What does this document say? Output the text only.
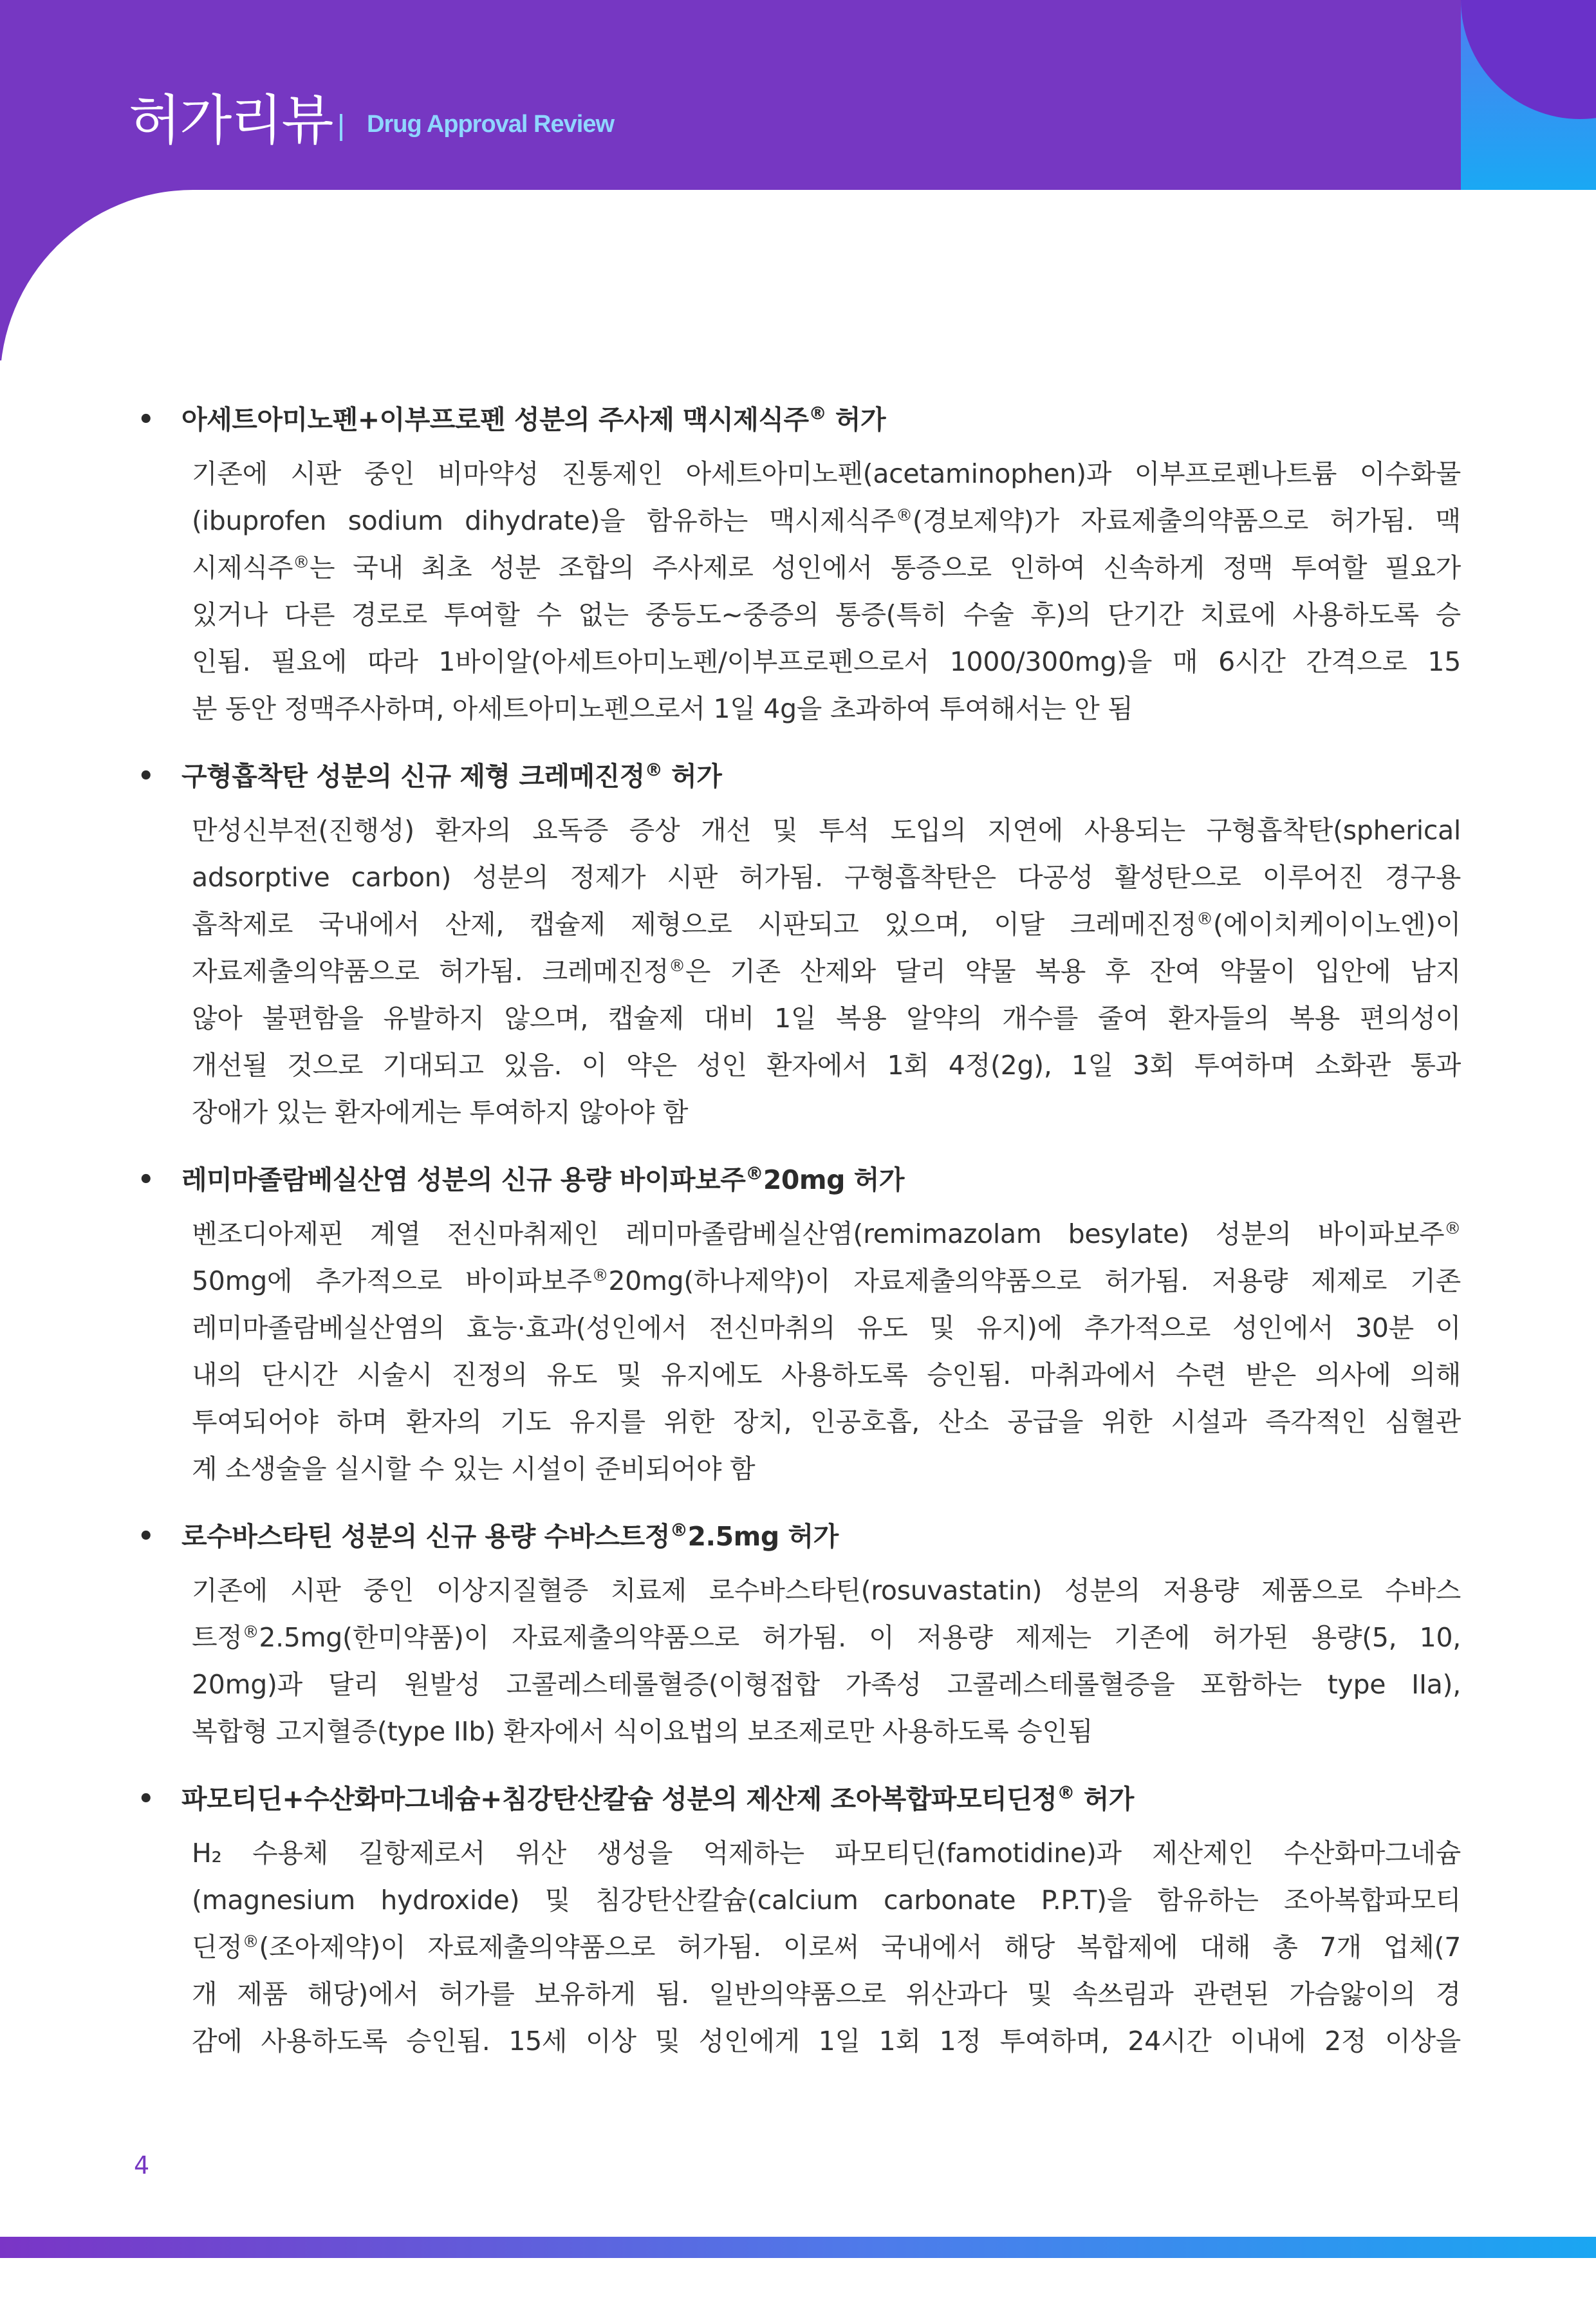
허가리뷰 Drug Approval Review
• 아세트아미노펜+이부프로펜 성분의 주사제 맥시제식주® 허가
기존에 시판 중인 비마약성 진통제인 아세트아미노펜(acetaminophen)과 이부프로펜나트륨 이수화물
(ibuprofen sodium dihydrate)을 함유하는 맥시제식주®(경보제약)가 자료제출의약품으로 허가됨. 맥
시제식주®는 국내 최초 성분 조합의 주사제로 성인에서 통증으로 인하여 신속하게 정맥 투여할 필요가
있거나 다른 경로로 투여할 수 없는 중등도~중증의 통증(특히 수술 후)의 단기간 치료에 사용하도록 승
인됨. 필요에 따라 1바이알(아세트아미노펜/이부프로펜으로서 1000/300mg)을 매 6시간 간격으로 15
분 동안 정맥주사하며, 아세트아미노펜으로서 1일 4g을 초과하여 투여해서는 안 됨
• 구형흡착탄 성분의 신규 제형 크레메진정® 허가
만성신부전(진행성) 환자의 요독증 증상 개선 및 투석 도입의 지연에 사용되는 구형흡착탄(spherical
adsorptive carbon) 성분의 정제가 시판 허가됨. 구형흡착탄은 다공성 활성탄으로 이루어진 경구용
흡착제로 국내에서 산제, 캡슐제 제형으로 시판되고 있으며, 이달 크레메진정®(에이치케이이노엔)이
자료제출의약품으로 허가됨. 크레메진정®은 기존 산제와 달리 약물 복용 후 잔여 약물이 입안에 남지
않아 불편함을 유발하지 않으며, 캡슐제 대비 1일 복용 알약의 개수를 줄여 환자들의 복용 편의성이
개선될 것으로 기대되고 있음. 이 약은 성인 환자에서 1회 4정(2g), 1일 3회 투여하며 소화관 통과
장애가 있는 환자에게는 투여하지 않아야 함
• 레미마졸람베실산염 성분의 신규 용량 바이파보주®20mg 허가
벤조디아제핀 계열 전신마취제인 레미마졸람베실산염(remimazolam besylate) 성분의 바이파보주®
50mg에 추가적으로 바이파보주®20mg(하나제약)이 자료제출의약품으로 허가됨. 저용량 제제로 기존
레미마졸람베실산염의 효능·효과(성인에서 전신마취의 유도 및 유지)에 추가적으로 성인에서 30분 이
내의 단시간 시술시 진정의 유도 및 유지에도 사용하도록 승인됨. 마취과에서 수련 받은 의사에 의해
투여되어야 하며 환자의 기도 유지를 위한 장치, 인공호흡, 산소 공급을 위한 시설과 즉각적인 심혈관
계 소생술을 실시할 수 있는 시설이 준비되어야 함
• 로수바스타틴 성분의 신규 용량 수바스트정®2.5mg 허가
기존에 시판 중인 이상지질혈증 치료제 로수바스타틴(rosuvastatin) 성분의 저용량 제품으로 수바스
트정®2.5mg(한미약품)이 자료제출의약품으로 허가됨. 이 저용량 제제는 기존에 허가된 용량(5, 10,
20mg)과 달리 원발성 고콜레스테롤혈증(이형접합 가족성 고콜레스테롤혈증을 포함하는 type IIa),
복합형 고지혈증(type IIb) 환자에서 식이요법의 보조제로만 사용하도록 승인됨
• 파모티딘+수산화마그네슘+침강탄산칼슘 성분의 제산제 조아복합파모티딘정® 허가
H₂ 수용체 길항제로서 위산 생성을 억제하는 파모티딘(famotidine)과 제산제인 수산화마그네슘
(magnesium hydroxide) 및 침강탄산칼슘(calcium carbonate P.P.T)을 함유하는 조아복합파모티
딘정®(조아제약)이 자료제출의약품으로 허가됨. 이로써 국내에서 해당 복합제에 대해 총 7개 업체(7
개 제품 해당)에서 허가를 보유하게 됨. 일반의약품으로 위산과다 및 속쓰림과 관련된 가슴앓이의 경
감에 사용하도록 승인됨. 15세 이상 및 성인에게 1일 1회 1정 투여하며, 24시간 이내에 2정 이상을
4
